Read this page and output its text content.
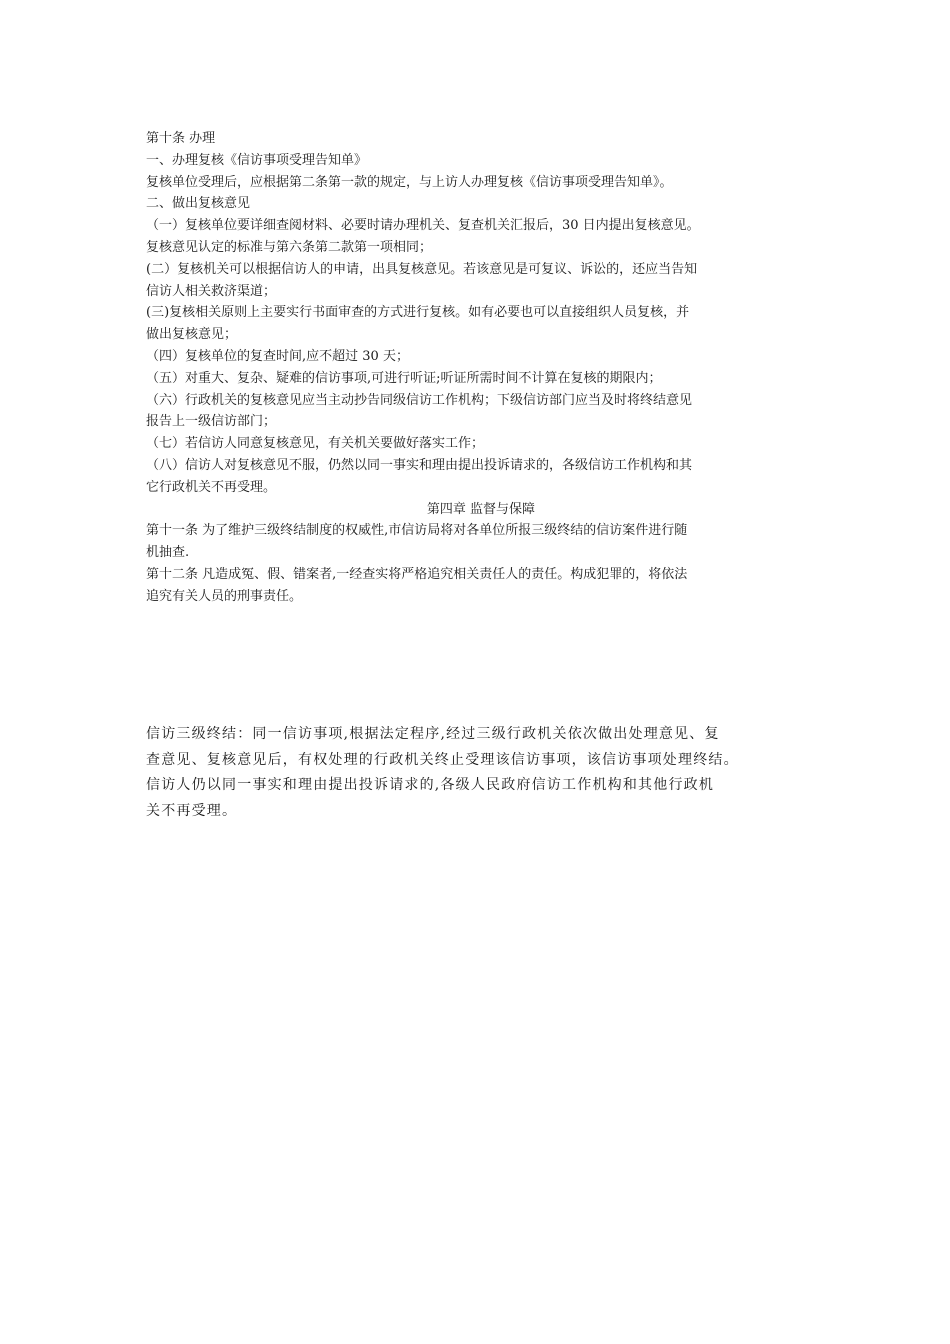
第十条 办理

一、办理复核《信访事项受理告知单》

复核单位受理后，应根据第二条第一款的规定，与上访人办理复核《信访事项受理告知单》。

二、做出复核意见

（一）复核单位要详细查阅材料、必要时请办理机关、复查机关汇报后，30 日内提出复核意见。

复核意见认定的标准与第六条第二款第一项相同；

(二）复核机关可以根据信访人的申请，出具复核意见。若该意见是可复议、诉讼的，还应当告知

信访人相关救济渠道；

(三)复核相关原则上主要实行书面审查的方式进行复核。如有必要也可以直接组织人员复核，并

做出复核意见；

（四）复核单位的复查时间,应不超过 30 天；

（五）对重大、复杂、疑难的信访事项,可进行听证;听证所需时间不计算在复核的期限内；

（六）行政机关的复核意见应当主动抄告同级信访工作机构；下级信访部门应当及时将终结意见

报告上一级信访部门；

（七）若信访人同意复核意见，有关机关要做好落实工作；

（八）信访人对复核意见不服，仍然以同一事实和理由提出投诉请求的，各级信访工作机构和其

它行政机关不再受理。

第四章 监督与保障

第十一条 为了维护三级终结制度的权威性,市信访局将对各单位所报三级终结的信访案件进行随

机抽查.

第十二条 凡造成冤、假、错案者,一经查实将严格追究相关责任人的责任。构成犯罪的，将依法

追究有关人员的刑事责任。

信访三级终结：同一信访事项,根据法定程序,经过三级行政机关依次做出处理意见、复

查意见、复核意见后，有权处理的行政机关终止受理该信访事项，该信访事项处理终结。

信访人仍以同一事实和理由提出投诉请求的,各级人民政府信访工作机构和其他行政机

关不再受理。
